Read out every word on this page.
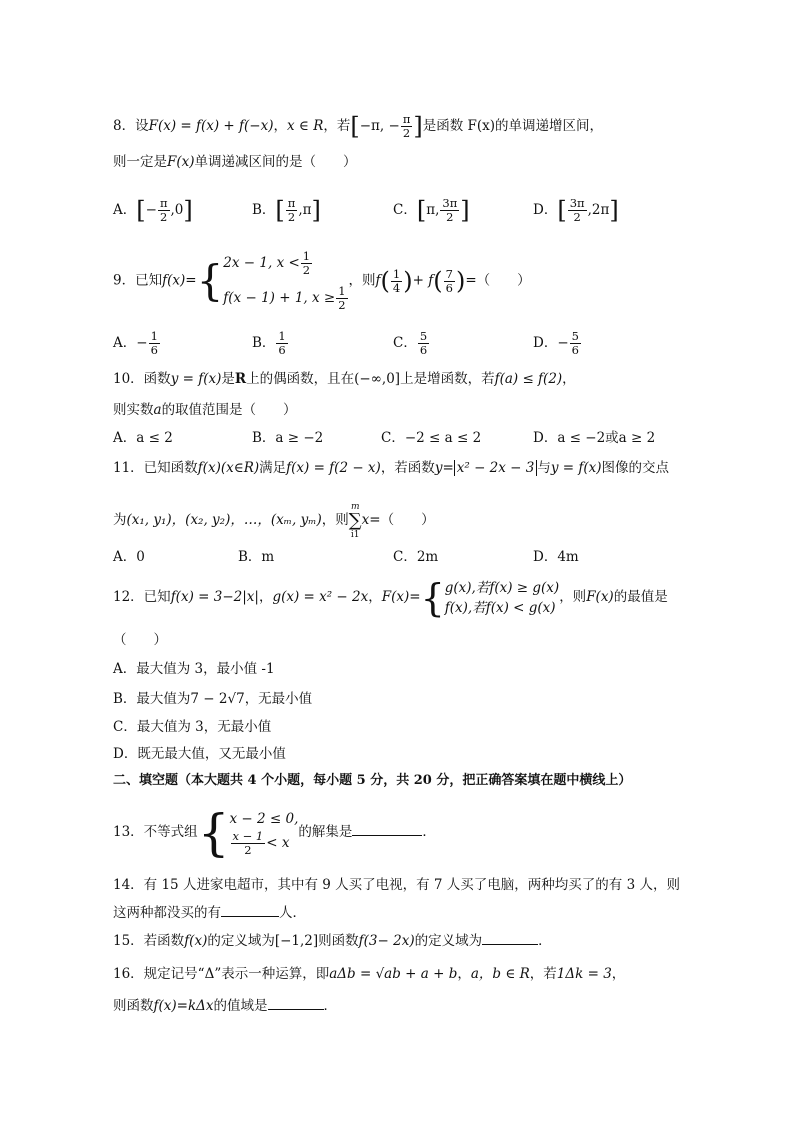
8．设F(x) = f(x) + f(−x)，x ∈ R，若[−π, − $\frac{\pi}{2}$ ]是函数 F(x)的单调递增区间，
则一定是F(x)单调递减区间的是（　　）
A．[− $\frac{\pi}{2} ,0$]	B．[ $\frac{\pi}{2} ,\pi$]	C．[π, $\frac{3\pi}{2}$ ]	D．[ $\frac{3\pi}{2} ,2\pi$]
9．已知f(x)={ 2x − 1, $x < \frac{1}{2}$
f(x − 1) + 1, $x \ge \frac{1}{2}$
，则$f( \frac{1}{4}$ )+ $f( \frac{7}{6}$ )=（　　）
A．− $\frac{1}{6}$	B． $\frac{1}{6}$	C． $\frac{5}{6}$	D．− $\frac{5}{6}$
10．函数y = f(x)是R上的偶函数，且在(−∞,0]上是增函数，若f(a) ≤ f(2)，
则实数a的取值范围是（　　）
A．a ≤ 2	B．a ≥ −2	C．−2 ≤ a ≤ 2	D．a ≤ −2或a ≥ 2
11．已知函数f(x)(x∈R)满足f(x) = f(2 − x)，若函数y= x² − 2x − 3 与y = f(x)图像的交点
为(x₁, y₁)，(x₂, y₂)，…，(xₘ, yₘ)，则
m
∑
i1
x=（　　）
A．0	B．m	C．2m	D．4m
12．已知f(x) = 3−2|x|，g(x) = x² − 2x，F(x)={ g(x),若f(x) ≥ g(x)
f(x),若f(x) < g(x)
，则F(x)的最值是
（　　）
A．最大值为 3，最小值 -1
B．最大值为7 − 2√7，无最小值
C．最大值为 3，无最小值
D．既无最大值，又无最小值
二、填空题（本大题共 4 个小题，每小题 5 分，共 20 分，把正确答案填在题中横线上）
13．不等式组{ x − 2 ≤ 0,
$\frac{x - 1}{2} < x$
的解集是	．
14．有 15 人进家电超市，其中有 9 人买了电视，有 7 人买了电脑，两种均买了的有 3 人，则
这两种都没买的有	人．
15．若函数f(x)的定义域为[−1,2]则函数f(3− 2x)的定义域为	．
16．规定记号“Δ”表示一种运算，即aΔb = √ab + a + b，a，b ∈ R，若1Δk = 3，
则函数f(x)=kΔx的值域是	．
